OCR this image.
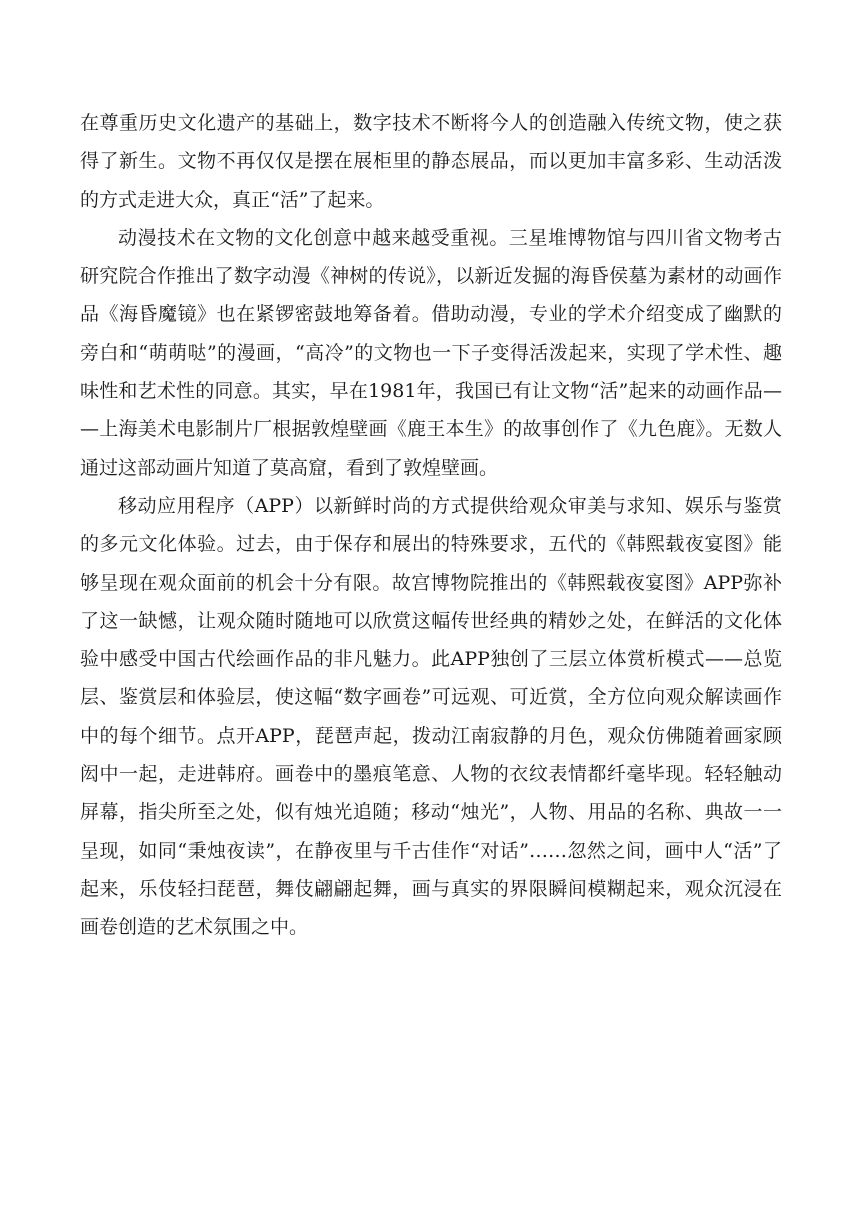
在尊重历史文化遗产的基础上，数字技术不断将今人的创造融入传统文物，使之获得了新生。文物不再仅仅是摆在展柜里的静态展品，而以更加丰富多彩、生动活泼的方式走进大众，真正“活”了起来。

动漫技术在文物的文化创意中越来越受重视。三星堆博物馆与四川省文物考古研究院合作推出了数字动漫《神树的传说》，以新近发掘的海昏侯墓为素材的动画作品《海昏魔镜》也在紧锣密鼓地筹备着。借助动漫，专业的学术介绍变成了幽默的旁白和“萌萌哒”的漫画，“高冷”的文物也一下子变得活泼起来，实现了学术性、趣味性和艺术性的同意。其实，早在1981年，我国已有让文物“活”起来的动画作品——上海美术电影制片厂根据敦煌壁画《鹿王本生》的故事创作了《九色鹿》。无数人通过这部动画片知道了莫高窟，看到了敦煌壁画。

移动应用程序（APP）以新鲜时尚的方式提供给观众审美与求知、娱乐与鉴赏的多元文化体验。过去，由于保存和展出的特殊要求，五代的《韩熙载夜宴图》能够呈现在观众面前的机会十分有限。故宫博物院推出的《韩熙载夜宴图》APP弥补了这一缺憾，让观众随时随地可以欣赏这幅传世经典的精妙之处，在鲜活的文化体验中感受中国古代绘画作品的非凡魅力。此APP独创了三层立体赏析模式——总览层、鉴赏层和体验层，使这幅“数字画卷”可远观、可近赏，全方位向观众解读画作中的每个细节。点开APP，琵琶声起，拨动江南寂静的月色，观众仿佛随着画家顾闳中一起，走进韩府。画卷中的墨痕笔意、人物的衣纹表情都纤毫毕现。轻轻触动屏幕，指尖所至之处，似有烛光追随；移动“烛光”，人物、用品的名称、典故一一呈现，如同“秉烛夜读”，在静夜里与千古佳作“对话”……忽然之间，画中人“活”了起来，乐伎轻扫琵琶，舞伎翩翩起舞，画与真实的界限瞬间模糊起来，观众沉浸在画卷创造的艺术氛围之中。
